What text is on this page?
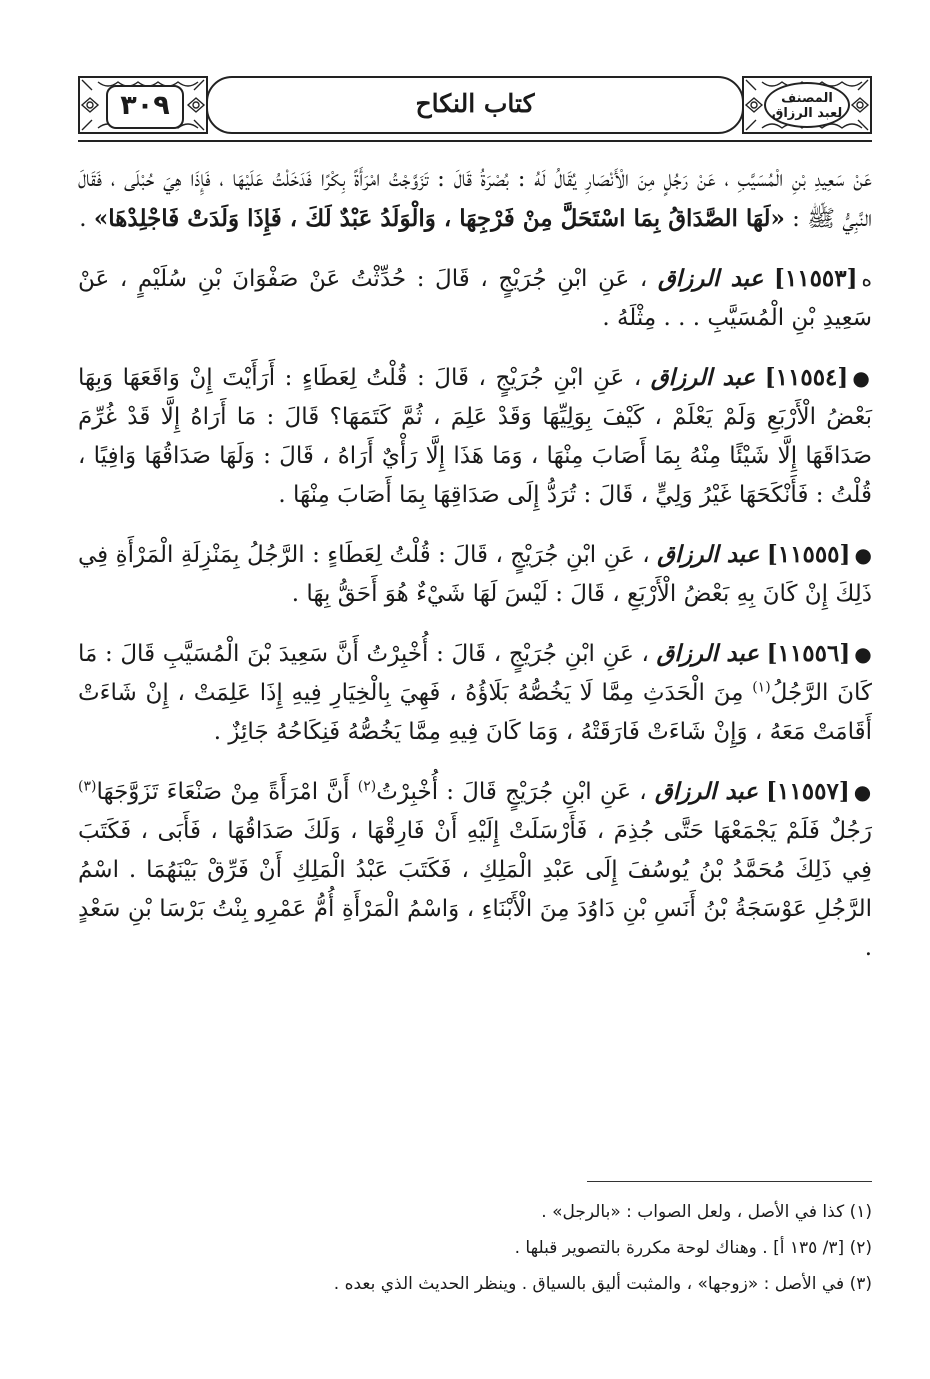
٣٠٩	كتاب النكاح	المصنف
لعبد الرزاق

عَنْ سَعِيدِ بْنِ الْمُسَيَّبِ ، عَنْ رَجُلٍ مِنَ الْأَنْصَارِ يُقَالُ لَهُ : بُصْرَةُ قَالَ : تَزَوَّجْتُ امْرَأَةً بِكْرًا فَدَخَلْتُ عَلَيْهَا ، فَإِذَا هِيَ حُبْلَى ، فَقَالَ النَّبِيُّ ﷺ : «لَهَا الصَّدَاقُ بِمَا اسْتَحَلَّ مِنْ فَرْجِهَا ، وَالْوَلَدُ عَبْدٌ لَكَ ، فَإِذَا وَلَدَتْ فَاجْلِدْهَا» .

ه[١١٥٥٣] عبد الرزاق ، عَنِ ابْنِ جُرَيْجٍ ، قَالَ : حُدِّثْتُ عَنْ صَفْوَانَ بْنِ سُلَيْمٍ ، عَنْ سَعِيدِ بْنِ الْمُسَيَّبِ . . . مِثْلَهُ .

●[١١٥٥٤] عبد الرزاق ، عَنِ ابْنِ جُرَيْجٍ ، قَالَ : قُلْتُ لِعَطَاءٍ : أَرَأَيْتَ إِنْ وَاقَعَهَا وَبِهَا بَعْضُ الْأَرْبَعِ وَلَمْ يَعْلَمْ ، كَيْفَ بِوَلِيِّهَا وَقَدْ عَلِمَ ، ثُمَّ كَتَمَهَا؟ قَالَ : مَا أَرَاهُ إِلَّا قَدْ غُرِّمَ صَدَاقَهَا إِلَّا شَيْئًا مِنْهُ بِمَا أَصَابَ مِنْهَا ، وَمَا هَذَا إِلَّا رَأْيٌ أَرَاهُ ، قَالَ : وَلَهَا صَدَاقُهَا وَافِيًا ، قُلْتُ : فَأَنْكَحَهَا غَيْرُ وَلِيٍّ ، قَالَ : تُرَدُّ إِلَى صَدَاقِهَا بِمَا أَصَابَ مِنْهَا .

●[١١٥٥٥] عبد الرزاق ، عَنِ ابْنِ جُرَيْجٍ ، قَالَ : قُلْتُ لِعَطَاءٍ : الرَّجُلُ بِمَنْزِلَةِ الْمَرْأَةِ فِي ذَلِكَ إِنْ كَانَ بِهِ بَعْضُ الْأَرْبَعِ ، قَالَ : لَيْسَ لَهَا شَيْءٌ هُوَ أَحَقُّ بِهَا .

●[١١٥٥٦] عبد الرزاق ، عَنِ ابْنِ جُرَيْجٍ ، قَالَ : أُخْبِرْتُ أَنَّ سَعِيدَ بْنَ الْمُسَيَّبِ قَالَ : مَا كَانَ الرَّجُلُ$^{(١)}$ مِنَ الْحَدَثِ مِمَّا لَا يَخُصُّهُ بَلَاؤُهُ ، فَهِيَ بِالْخِيَارِ فِيهِ إِذَا عَلِمَتْ ، إِنْ شَاءَتْ أَقَامَتْ مَعَهُ ، وَإِنْ شَاءَتْ فَارَقَتْهُ ، وَمَا كَانَ فِيهِ مِمَّا يَخُصُّهُ فَنِكَاحُهُ جَائِزٌ .

●[١١٥٥٧] عبد الرزاق ، عَنِ ابْنِ جُرَيْجٍ قَالَ : أُخْبِرْتُ$^{(٢)}$ أَنَّ امْرَأَةً مِنْ صَنْعَاءَ تَزَوَّجَهَا$^{(٣)}$ رَجُلٌ فَلَمْ يَجْمَعْهَا حَتَّى جُذِمَ ، فَأَرْسَلَتْ إِلَيْهِ أَنْ فَارِقْهَا ، وَلَكَ صَدَاقُهَا ، فَأَبَى ، فَكَتَبَ فِي ذَلِكَ مُحَمَّدُ بْنُ يُوسُفَ إِلَى عَبْدِ الْمَلِكِ ، فَكَتَبَ عَبْدُ الْمَلِكِ أَنْ فَرِّقْ بَيْنَهُمَا . اسْمُ الرَّجُلِ عَوْسَجَةُ بْنُ أَنَسِ بْنِ دَاوُدَ مِنَ الْأَبْنَاءِ ، وَاسْمُ الْمَرْأَةِ أُمُّ عَمْرِو بِنْتُ بَرْسَا بْنِ سَعْدٍ .

(١) كذا في الأصل ، ولعل الصواب : «بالرجل» .

(٢) [٣/ ١٣٥ أ] . وهناك لوحة مكررة بالتصوير قبلها .

(٣) في الأصل : «زوجها» ، والمثبت أليق بالسياق . وينظر الحديث الذي بعده .
